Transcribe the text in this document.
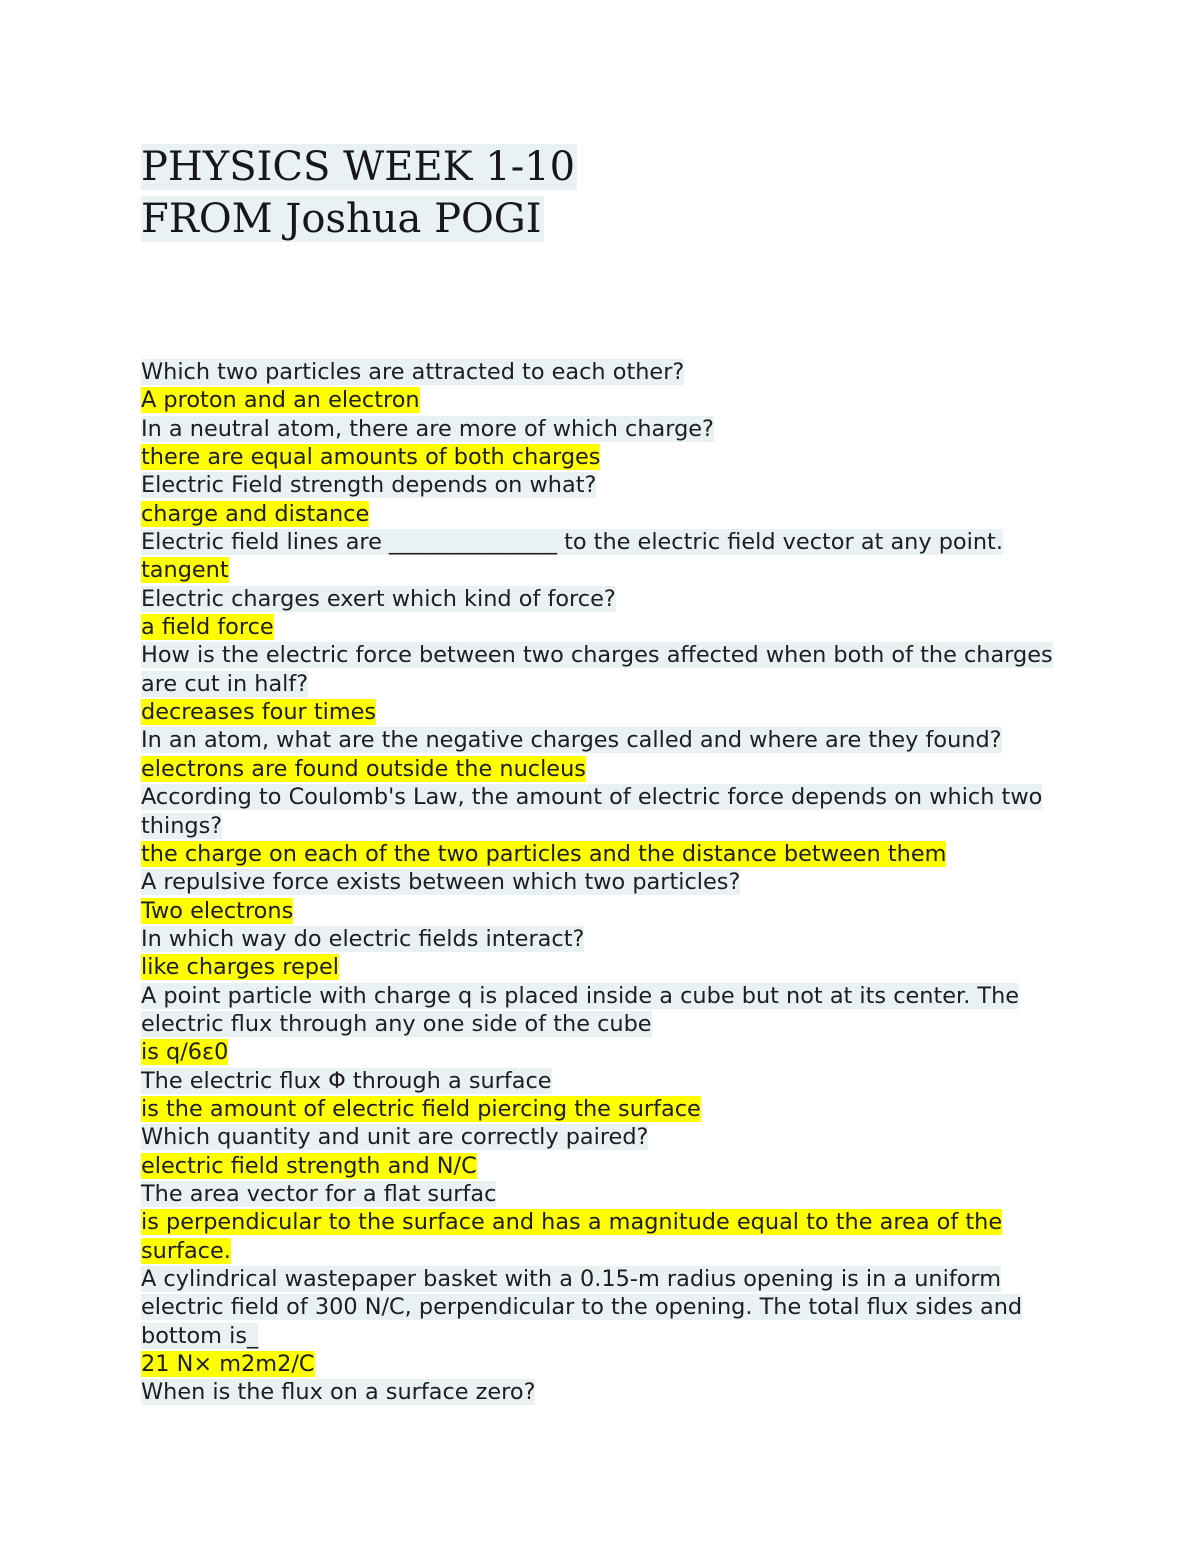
PHYSICS WEEK 1-10
FROM Joshua POGI
Which two particles are attracted to each other?
A proton and an electron
In a neutral atom, there are more of which charge?
there are equal amounts of both charges
Electric Field strength depends on what?
charge and distance
Electric field lines are _______________ to the electric field vector at any point.
tangent
Electric charges exert which kind of force?
a field force
How is the electric force between two charges affected when both of the charges are cut in half?
decreases four times
In an atom, what are the negative charges called and where are they found?
electrons are found outside the nucleus
According to Coulomb's Law, the amount of electric force depends on which two things?
the charge on each of the two particles and the distance between them
A repulsive force exists between which two particles?
Two electrons
In which way do electric fields interact?
like charges repel
A point particle with charge q is placed inside a cube but not at its center. The electric flux through any one side of the cube
is q/6ε0
The electric flux Φ through a surface
is the amount of electric field piercing the surface
Which quantity and unit are correctly paired?
electric field strength and N/C
The area vector for a flat surfac
is perpendicular to the surface and has a magnitude equal to the area of the surface.
A cylindrical wastepaper basket with a 0.15-m radius opening is in a uniform electric field of 300 N/C, perpendicular to the opening. The total flux sides and bottom is_
21 N× m2m2/C
When is the flux on a surface zero?
